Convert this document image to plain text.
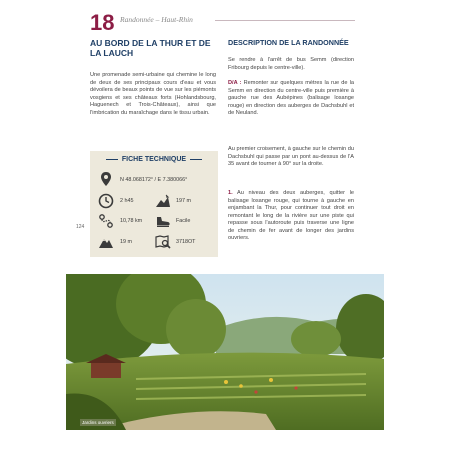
18 Randonnée – Haut-Rhin
AU BORD DE LA THUR ET DE LA LAUCH
Une promenade semi-urbaine qui chemine le long de deux de ses principaux cours d'eau et vous dévoilera de beaux points de vue sur les piémonts vosgiens et ses châteaux forts (Hohlandsbourg, Haguenech et Trois-Châteaux), ainsi que l'imbrication du maraîchage dans le tissu urbain.
FICHE TECHNIQUE
N 48.068172° / E 7.380066°
2 h45	197 m
10,78 km	Facile
19 m	3718OT
124
DESCRIPTION DE LA RANDONNÉE
Se rendre à l'arrêt de bus Semm (direction Fribourg depuis le centre-ville).
D/A : Remonter sur quelques mètres la rue de la Semm en direction du centre-ville puis première à gauche rue des Aubépines (balisage losange rouge) en direction des auberges de Dachsbuhl et de Neuland.
Au premier croisement, à gauche sur le chemin du Dachsbuhl qui passe par un pont au-dessus de l'A 35 avant de tourner à 90° sur la droite.
1. Au niveau des deux auberges, quitter le balisage losange rouge, qui tourne à gauche en enjambant la Thur, pour continuer tout droit en remontant le long de la rivière sur une piste qui repasse sous l'autoroute puis traverse une ligne de chemin de fer avant de longer des jardins ouvriers.
Jardins ouvriers
